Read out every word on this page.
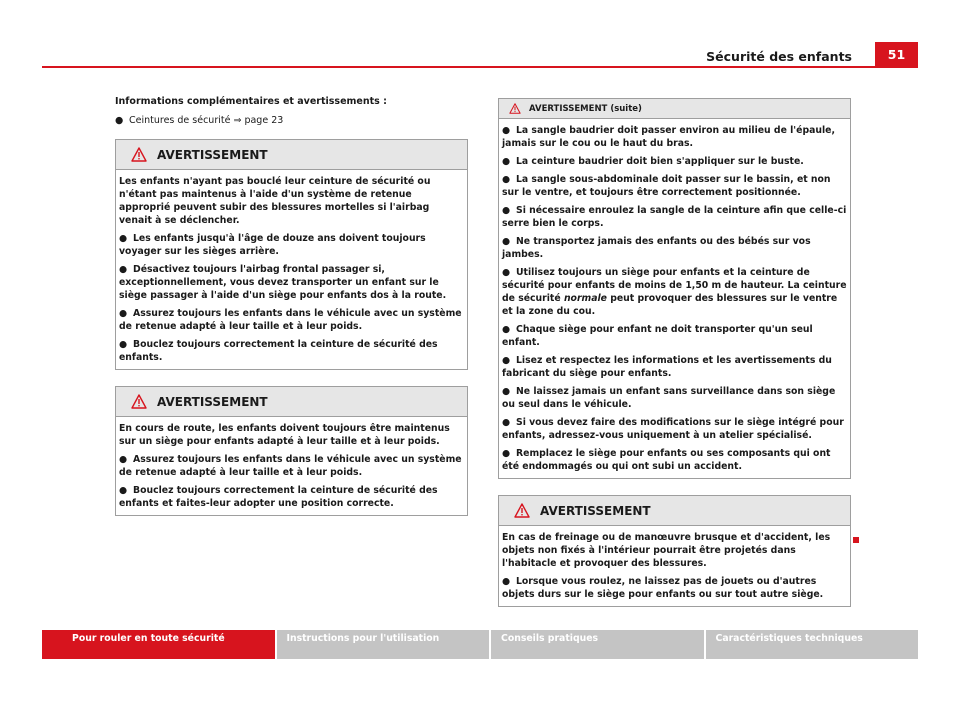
Sécurité des enfants	51
Informations complémentaires et avertissements :
● Ceintures de sécurité ⇒ page 23
AVERTISSEMENT

Les enfants n'ayant pas bouclé leur ceinture de sécurité ou n'étant pas maintenus à l'aide d'un système de retenue approprié peuvent subir des blessures mortelles si l'airbag venait à se déclencher.

● Les enfants jusqu'à l'âge de douze ans doivent toujours voyager sur les sièges arrière.

● Désactivez toujours l'airbag frontal passager si, exceptionnellement, vous devez transporter un enfant sur le siège passager à l'aide d'un siège pour enfants dos à la route.

● Assurez toujours les enfants dans le véhicule avec un système de retenue adapté à leur taille et à leur poids.

● Bouclez toujours correctement la ceinture de sécurité des enfants.

AVERTISSEMENT

En cours de route, les enfants doivent toujours être maintenus sur un siège pour enfants adapté à leur taille et à leur poids.

● Assurez toujours les enfants dans le véhicule avec un système de retenue adapté à leur taille et à leur poids.

● Bouclez toujours correctement la ceinture de sécurité des enfants et faites-leur adopter une position correcte.

AVERTISSEMENT (suite)

● La sangle baudrier doit passer environ au milieu de l'épaule, jamais sur le cou ou le haut du bras.

● La ceinture baudrier doit bien s'appliquer sur le buste.

● La sangle sous-abdominale doit passer sur le bassin, et non sur le ventre, et toujours être correctement positionnée.

● Si nécessaire enroulez la sangle de la ceinture afin que celle-ci serre bien le corps.

● Ne transportez jamais des enfants ou des bébés sur vos jambes.

● Utilisez toujours un siège pour enfants et la ceinture de sécurité pour enfants de moins de 1,50 m de hauteur. La ceinture de sécurité normale peut provoquer des blessures sur le ventre et la zone du cou.

● Chaque siège pour enfant ne doit transporter qu'un seul enfant.

● Lisez et respectez les informations et les avertissements du fabricant du siège pour enfants.

● Ne laissez jamais un enfant sans surveillance dans son siège ou seul dans le véhicule.

● Si vous devez faire des modifications sur le siège intégré pour enfants, adressez-vous uniquement à un atelier spécialisé.

● Remplacez le siège pour enfants ou ses composants qui ont été endommagés ou qui ont subi un accident.

AVERTISSEMENT

En cas de freinage ou de manœuvre brusque et d'accident, les objets non fixés à l'intérieur pourrait être projetés dans l'habitacle et provoquer des blessures.

● Lorsque vous roulez, ne laissez pas de jouets ou d'autres objets durs sur le siège pour enfants ou sur tout autre siège.

Pour rouler en toute sécurité	Instructions pour l'utilisation	Conseils pratiques	Caractéristiques techniques
